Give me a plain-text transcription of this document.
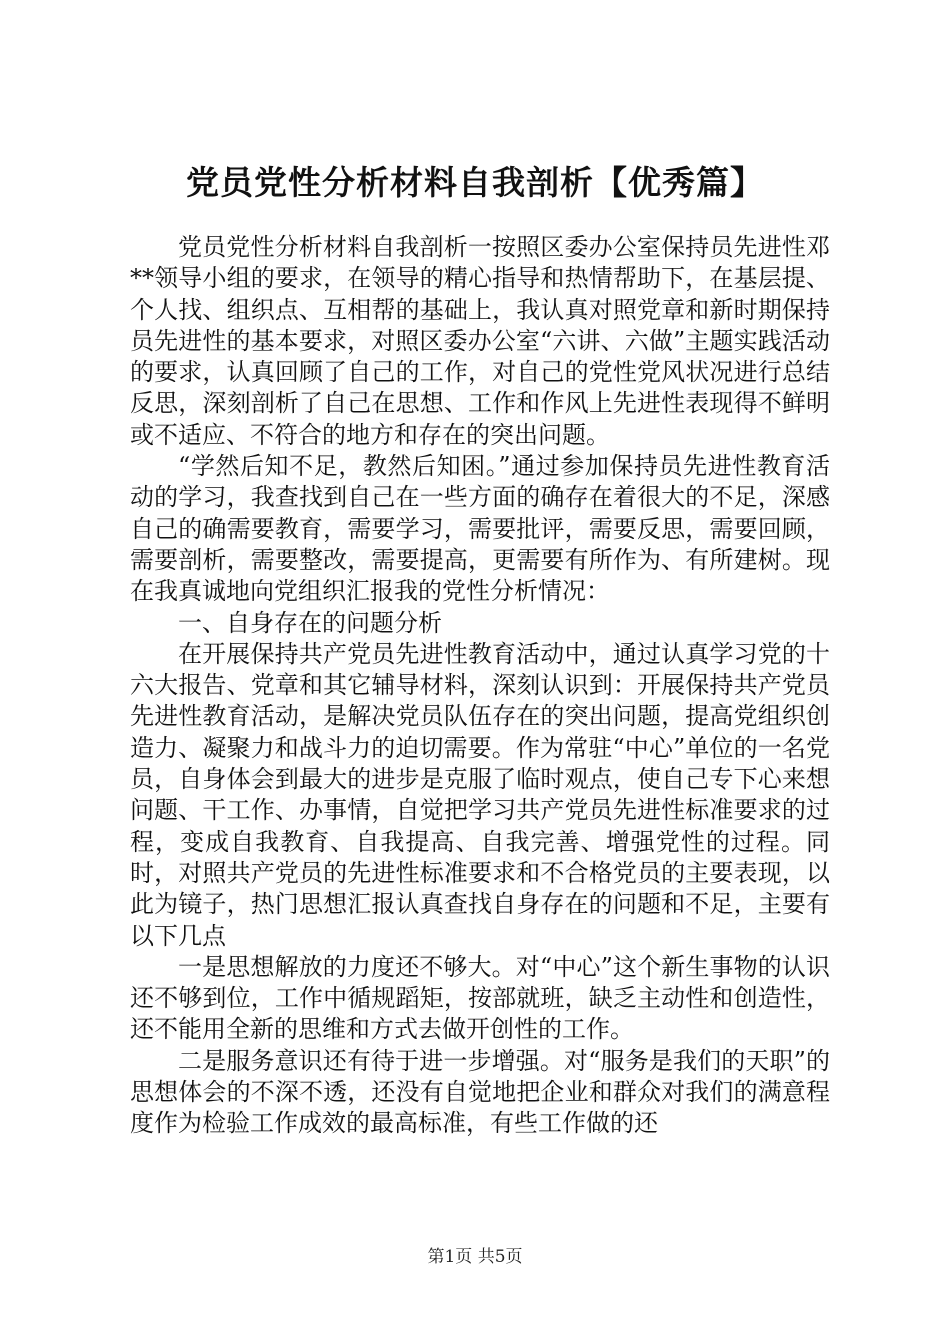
党员党性分析材料自我剖析【优秀篇】

党员党性分析材料自我剖析一按照区委办公室保持员先进性邓**领导小组的要求，在领导的精心指导和热情帮助下，在基层提、个人找、组织点、互相帮的基础上，我认真对照党章和新时期保持员先进性的基本要求，对照区委办公室“六讲、六做”主题实践活动的要求，认真回顾了自己的工作，对自己的党性党风状况进行总结反思，深刻剖析了自己在思想、工作和作风上先进性表现得不鲜明或不适应、不符合的地方和存在的突出问题。

“学然后知不足，教然后知困。”通过参加保持员先进性教育活动的学习，我查找到自己在一些方面的确存在着很大的不足，深感自己的确需要教育，需要学习，需要批评，需要反思，需要回顾，需要剖析，需要整改，需要提高，更需要有所作为、有所建树。现在我真诚地向党组织汇报我的党性分析情况：

一、自身存在的问题分析

在开展保持共产党员先进性教育活动中，通过认真学习党的十六大报告、党章和其它辅导材料，深刻认识到：开展保持共产党员先进性教育活动，是解决党员队伍存在的突出问题，提高党组织创造力、凝聚力和战斗力的迫切需要。作为常驻“中心”单位的一名党员，自身体会到最大的进步是克服了临时观点，使自己专下心来想问题、干工作、办事情，自觉把学习共产党员先进性标准要求的过程，变成自我教育、自我提高、自我完善、增强党性的过程。同时，对照共产党员的先进性标准要求和不合格党员的主要表现，以此为镜子，热门思想汇报认真查找自身存在的问题和不足，主要有以下几点

一是思想解放的力度还不够大。对“中心”这个新生事物的认识还不够到位，工作中循规蹈矩，按部就班，缺乏主动性和创造性，还不能用全新的思维和方式去做开创性的工作。

二是服务意识还有待于进一步增强。对“服务是我们的天职”的思想体会的不深不透，还没有自觉地把企业和群众对我们的满意程度作为检验工作成效的最高标准，有些工作做的还

第1页 共5页
